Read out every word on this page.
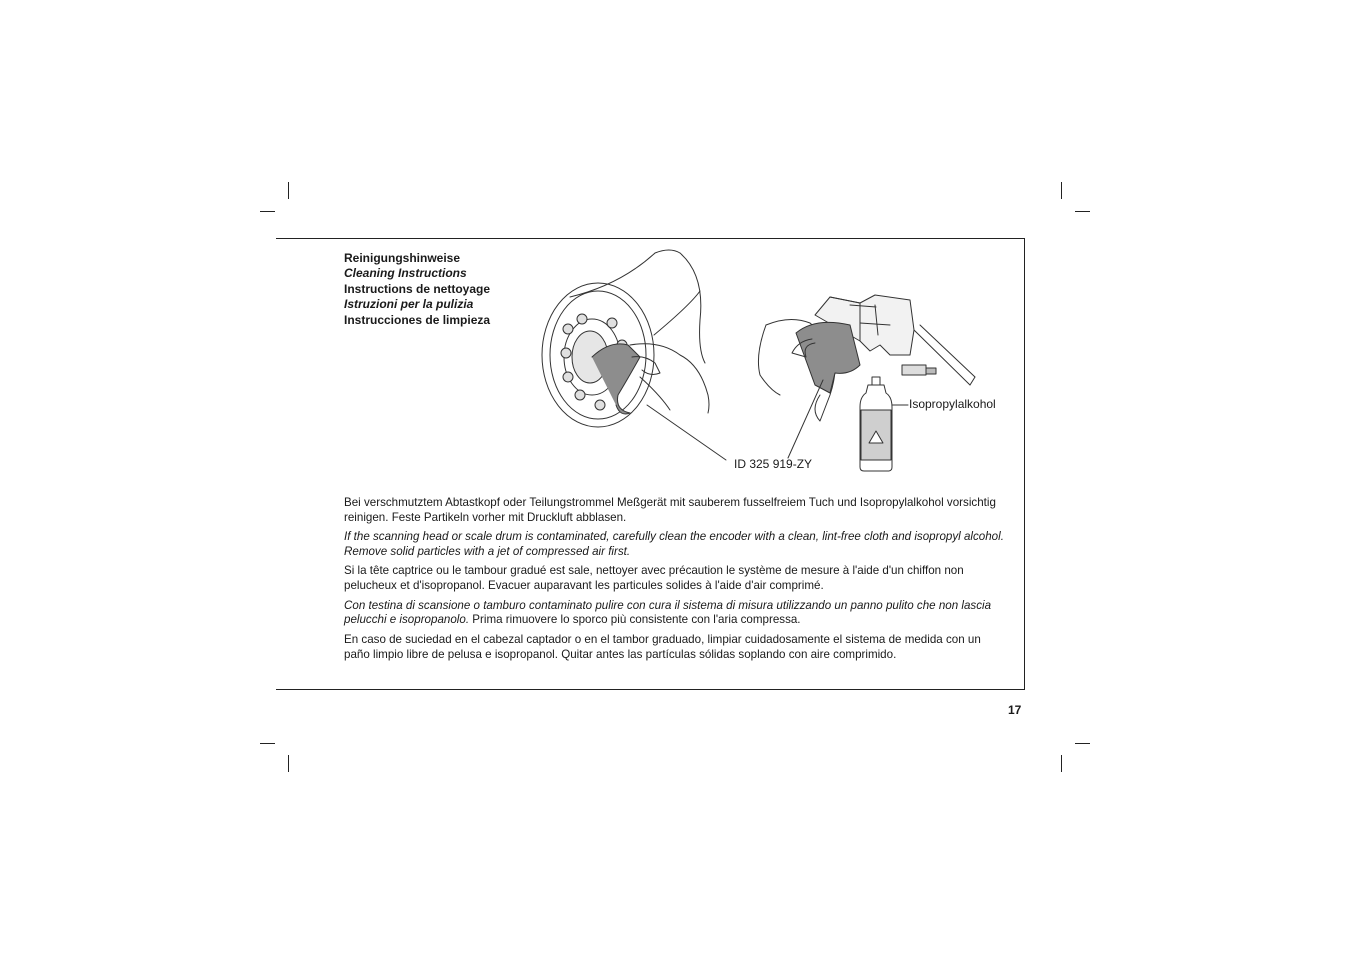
Reinigungshinweise
Cleaning Instructions
Instructions de nettoyage
Istruzioni per la pulizia
Instrucciones de limpieza
Isopropylalkohol
ID 325 919-ZY

Bei verschmutztem Abtastkopf oder Teilungstrommel Meßgerät mit sauberem fusselfreiem Tuch und Isopropylalkohol vorsichtig reinigen. Feste Partikeln vorher mit Druckluft abblasen.

If the scanning head or scale drum is contaminated, carefully clean the encoder with a clean, lint-free cloth and isopropyl alcohol. Remove solid particles with a jet of compressed air first.

Si la tête captrice ou le tambour gradué est sale, nettoyer avec précaution le système de mesure à l'aide d'un chiffon non pelucheux et d'isopropanol. Evacuer auparavant les particules solides à l'aide d'air comprimé.

Con testina di scansione o tamburo contaminato pulire con cura il sistema di misura utilizzando un panno pulito che non lascia pelucchi e isopropanolo. Prima rimuovere lo sporco più consistente con l'aria compressa.

En caso de suciedad en el cabezal captador o en el tambor graduado, limpiar cuidadosamente el sistema de medida con un paño limpio libre de pelusa e isopropanol. Quitar antes las partículas sólidas soplando con aire comprimido.

17
